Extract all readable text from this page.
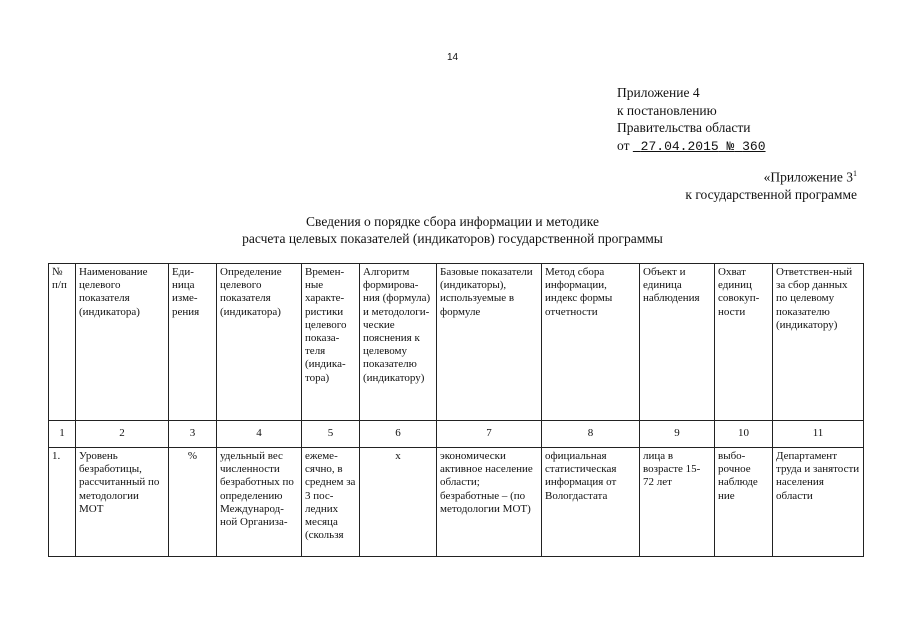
14
Приложение 4
к постановлению
Правительства области
от 27.04.2015 № 360
«Приложение $3^1$
к государственной программе
Сведения о порядке сбора информации и методике
расчета целевых показателей (индикаторов) государственной программы
№ п/п	Наименование целевого показателя (индикатора)	Еди-ница изме-рения	Определение целевого показателя (индикатора)	Времен-ные характе-ристики целевого показа-теля (индика-тора)	Алгоритм формирова-ния (формула) и методологи-ческие пояснения к целевому показателю (индикатору)	Базовые показатели (индикаторы), используемые в формуле	Метод сбора информации, индекс формы отчетности	Объект и единица наблюдения	Охват единиц совокуп-ности	Ответствен-ный за сбор данных по целевому показателю (индикатору)
1	2	3	4	5	6	7	8	9	10	11
1.	Уровень безработицы, рассчитанный по методологии МОТ	%	удельный вес численности безработных по определению Международ-ной Организа-	ежеме-сячно, в среднем за 3 пос-ледних месяца (скользя	x	экономически активное население области; безработные – (по методологии МОТ)	официальная статистическая информация от Вологдастата	лица в возрасте 15-72 лет	выбо-рочное наблюде ние	Департамент труда и занятости населения области
